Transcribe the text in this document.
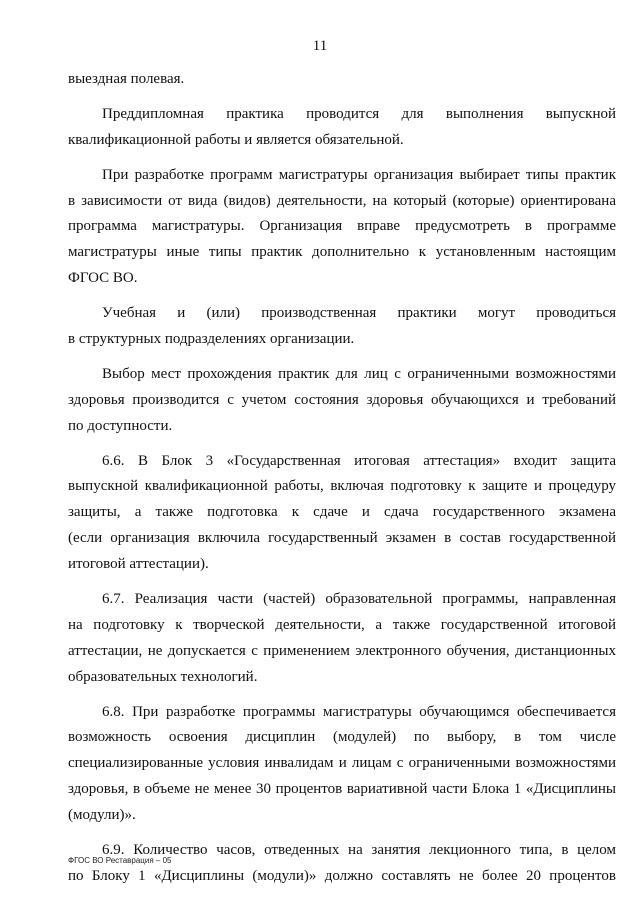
11
выездная полевая.
Преддипломная практика проводится для выполнения выпускной
квалификационной работы и является обязательной.
При разработке программ магистратуры организация выбирает типы практик
в зависимости от вида (видов) деятельности, на который (которые) ориентирована
программа магистратуры. Организация вправе предусмотреть в программе
магистратуры иные типы практик дополнительно к установленным настоящим
ФГОС ВО.
Учебная и (или) производственная практики могут проводиться
в структурных подразделениях организации.
Выбор мест прохождения практик для лиц с ограниченными возможностями
здоровья производится с учетом состояния здоровья обучающихся и требований
по доступности.
6.6. В Блок 3 «Государственная итоговая аттестация» входит защита
выпускной квалификационной работы, включая подготовку к защите и процедуру
защиты, а также подготовка к сдаче и сдача государственного экзамена
(если организация включила государственный экзамен в состав государственной
итоговой аттестации).
6.7. Реализация части (частей) образовательной программы, направленная
на подготовку к творческой деятельности, а также государственной итоговой
аттестации, не допускается с применением электронного обучения, дистанционных
образовательных технологий.
6.8. При разработке программы магистратуры обучающимся обеспечивается
возможность освоения дисциплин (модулей) по выбору, в том числе
специализированные условия инвалидам и лицам с ограниченными возможностями
здоровья, в объеме не менее 30 процентов вариативной части Блока 1 «Дисциплины
(модули)».
6.9. Количество часов, отведенных на занятия лекционного типа, в целом
по Блоку 1 «Дисциплины (модули)» должно составлять не более 20 процентов
ФГОС ВО Реставрация – 05
